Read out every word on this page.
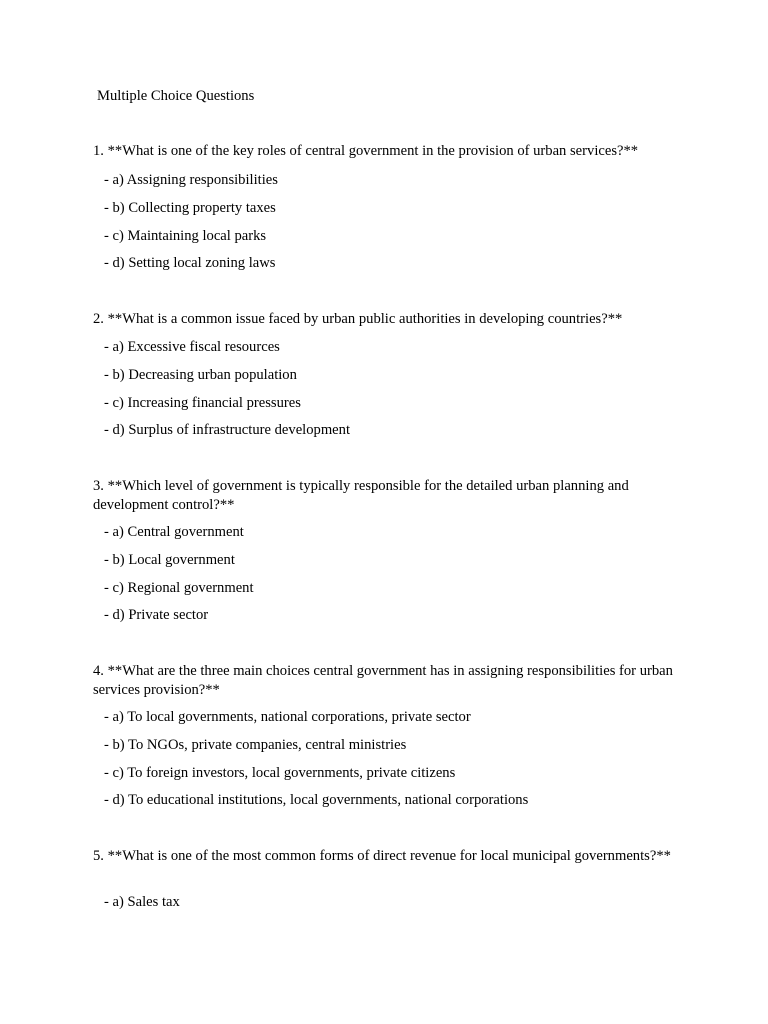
Multiple Choice Questions
1. **What is one of the key roles of central government in the provision of urban services?**
- a) Assigning responsibilities
- b) Collecting property taxes
- c) Maintaining local parks
- d) Setting local zoning laws
2. **What is a common issue faced by urban public authorities in developing countries?**
- a) Excessive fiscal resources
- b) Decreasing urban population
- c) Increasing financial pressures
- d) Surplus of infrastructure development
3. **Which level of government is typically responsible for the detailed urban planning and development control?**
- a) Central government
- b) Local government
- c) Regional government
- d) Private sector
4. **What are the three main choices central government has in assigning responsibilities for urban services provision?**
- a) To local governments, national corporations, private sector
- b) To NGOs, private companies, central ministries
- c) To foreign investors, local governments, private citizens
- d) To educational institutions, local governments, national corporations
5. **What is one of the most common forms of direct revenue for local municipal governments?**
- a) Sales tax
